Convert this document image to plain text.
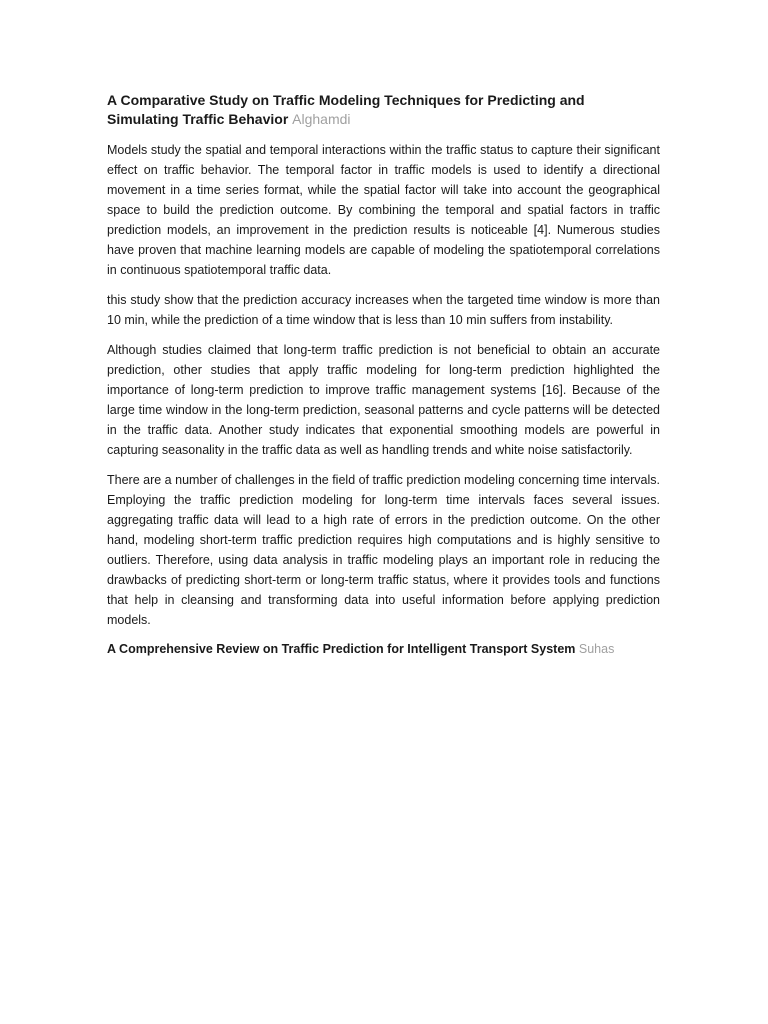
A Comparative Study on Traffic Modeling Techniques for Predicting and Simulating Traffic Behavior Alghamdi

Models study the spatial and temporal interactions within the traffic status to capture their significant effect on traffic behavior. The temporal factor in traffic models is used to identify a directional movement in a time series format, while the spatial factor will take into account the geographical space to build the prediction outcome. By combining the temporal and spatial factors in traffic prediction models, an improvement in the prediction results is noticeable [4]. Numerous studies have proven that machine learning models are capable of modeling the spatiotemporal correlations in continuous spatiotemporal traffic data.

this study show that the prediction accuracy increases when the targeted time window is more than 10 min, while the prediction of a time window that is less than 10 min suffers from instability.

Although studies claimed that long-term traffic prediction is not beneficial to obtain an accurate prediction, other studies that apply traffic modeling for long-term prediction highlighted the importance of long-term prediction to improve traffic management systems [16]. Because of the large time window in the long-term prediction, seasonal patterns and cycle patterns will be detected in the traffic data. Another study indicates that exponential smoothing models are powerful in capturing seasonality in the traffic data as well as handling trends and white noise satisfactorily.

There are a number of challenges in the field of traffic prediction modeling concerning time intervals. Employing the traffic prediction modeling for long-term time intervals faces several issues. aggregating traffic data will lead to a high rate of errors in the prediction outcome. On the other hand, modeling short-term traffic prediction requires high computations and is highly sensitive to outliers. Therefore, using data analysis in traffic modeling plays an important role in reducing the drawbacks of predicting short-term or long-term traffic status, where it provides tools and functions that help in cleansing and transforming data into useful information before applying prediction models.

A Comprehensive Review on Traffic Prediction for Intelligent Transport System Suhas
